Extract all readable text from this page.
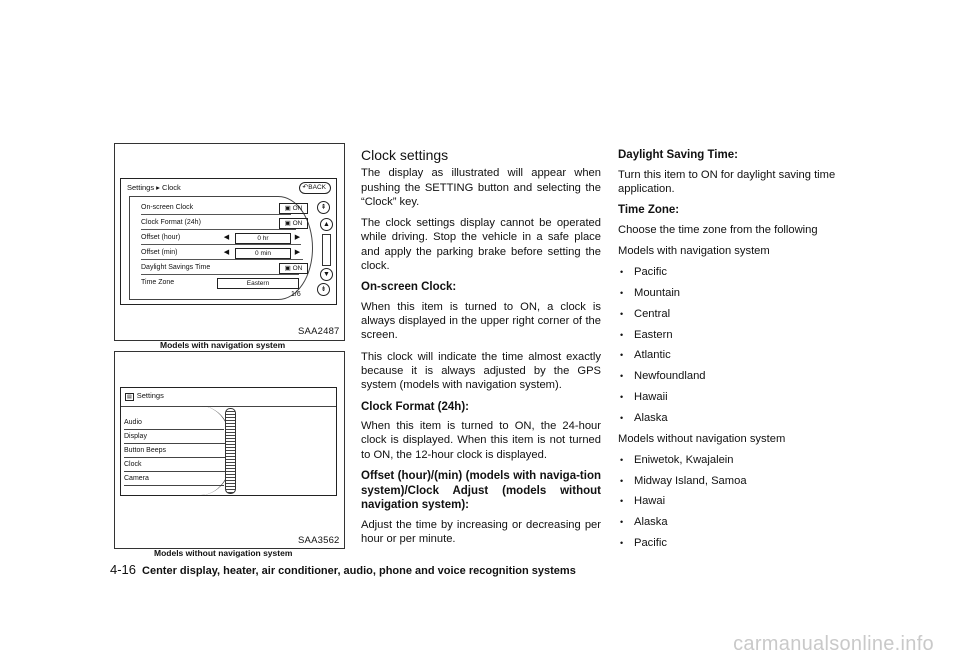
Settings ▸ Clock	↶BACK
On-screen Clock	▣ ON
Clock Format (24h)	▣ ON
Offset (hour)	◀	0 hr	▶
Offset (min)	◀	0 min	▶
Daylight Savings Time	▣ ON
Time Zone	Eastern
1/6
⇞
▲
▼
⇟
SAA2487
Models with navigation system
▤ Settings
Audio
Display
Button Beeps
Clock
Camera
SAA3562
Models without navigation system
Clock settings

The display as illustrated will appear when pushing the SETTING button and selecting the “Clock” key.

The clock settings display cannot be operated while driving. Stop the vehicle in a safe place and apply the parking brake before setting the clock.

On-screen Clock:

When this item is turned to ON, a clock is always displayed in the upper right corner of the screen.

This clock will indicate the time almost exactly because it is always adjusted by the GPS system (models with navigation system).

Clock Format (24h):

When this item is turned to ON, the 24-hour clock is displayed. When this item is not turned to ON, the 12-hour clock is displayed.

Offset (hour)/(min) (models with naviga-tion system)/Clock Adjust (models without navigation system):

Adjust the time by increasing or decreasing per hour or per minute.

Daylight Saving Time:

Turn this item to ON for daylight saving time application.

Time Zone:

Choose the time zone from the following

Models with navigation system

• Pacific
• Mountain
• Central
• Eastern
• Atlantic
• Newfoundland
• Hawaii
• Alaska

Models without navigation system

• Eniwetok, Kwajalein
• Midway Island, Samoa
• Hawai
• Alaska
• Pacific
4-16 Center display, heater, air conditioner, audio, phone and voice recognition systems
carmanualsonline.info
